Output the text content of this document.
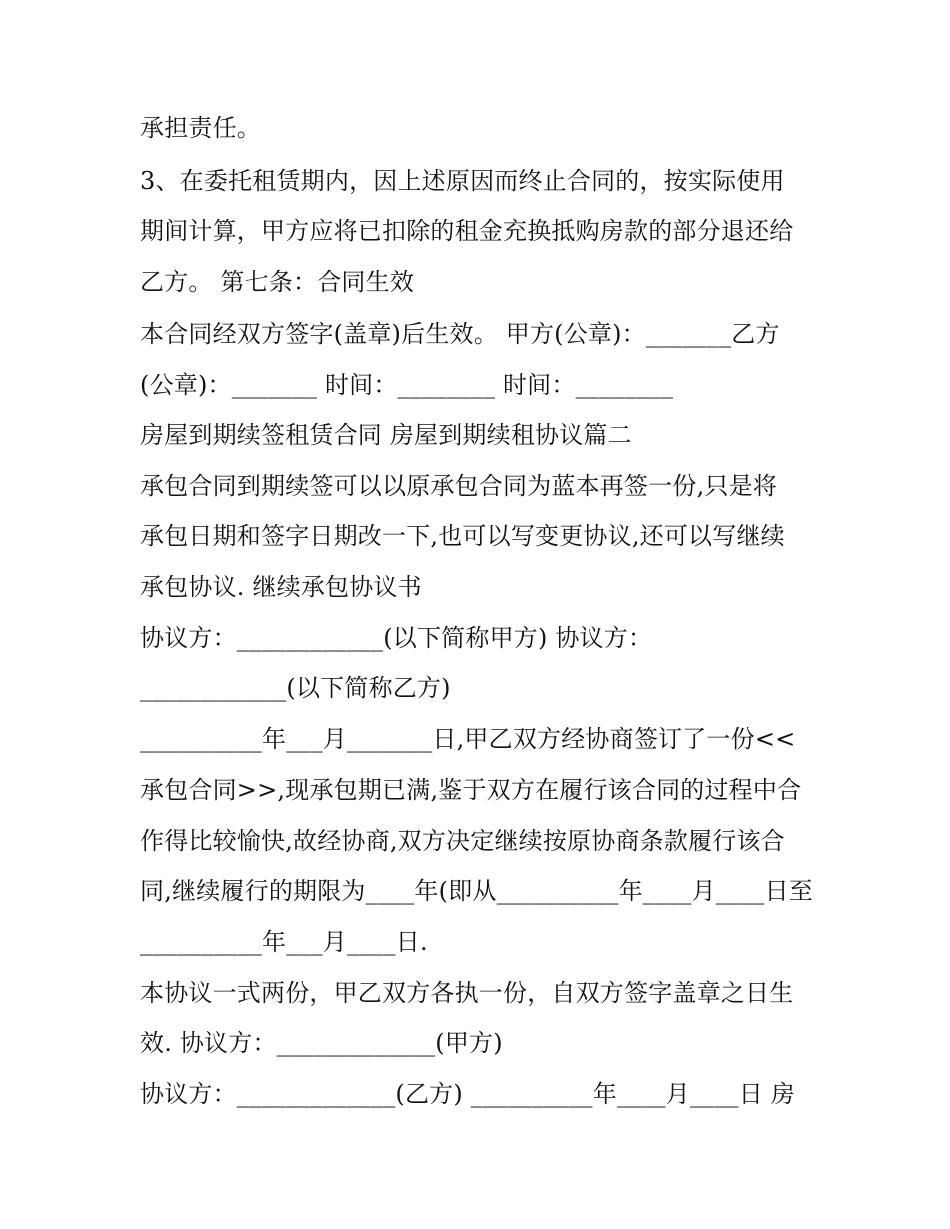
承担责任。
3、在委托租赁期内，因上述原因而终止合同的，按实际使用
期间计算，甲方应将已扣除的租金充换抵购房款的部分退还给
乙方。 第七条：合同生效
本合同经双方签字(盖章)后生效。 甲方(公章)：_______乙方
(公章)：_______ 时间：________ 时间：________
房屋到期续签租赁合同 房屋到期续租协议篇二
承包合同到期续签可以以原承包合同为蓝本再签一份,只是将
承包日期和签字日期改一下,也可以写变更协议,还可以写继续
承包协议. 继续承包协议书
协议方：____________(以下简称甲方) 协议方：
____________(以下简称乙方)
__________年___月_______日,甲乙双方经协商签订了一份<<
承包合同>>,现承包期已满,鉴于双方在履行该合同的过程中合
作得比较愉快,故经协商,双方决定继续按原协商条款履行该合
同,继续履行的期限为____年(即从__________年____月____日至
__________年___月____日.
本协议一式两份，甲乙双方各执一份，自双方签字盖章之日生
效. 协议方：_____________(甲方)
协议方：_____________(乙方) __________年____月____日 房
